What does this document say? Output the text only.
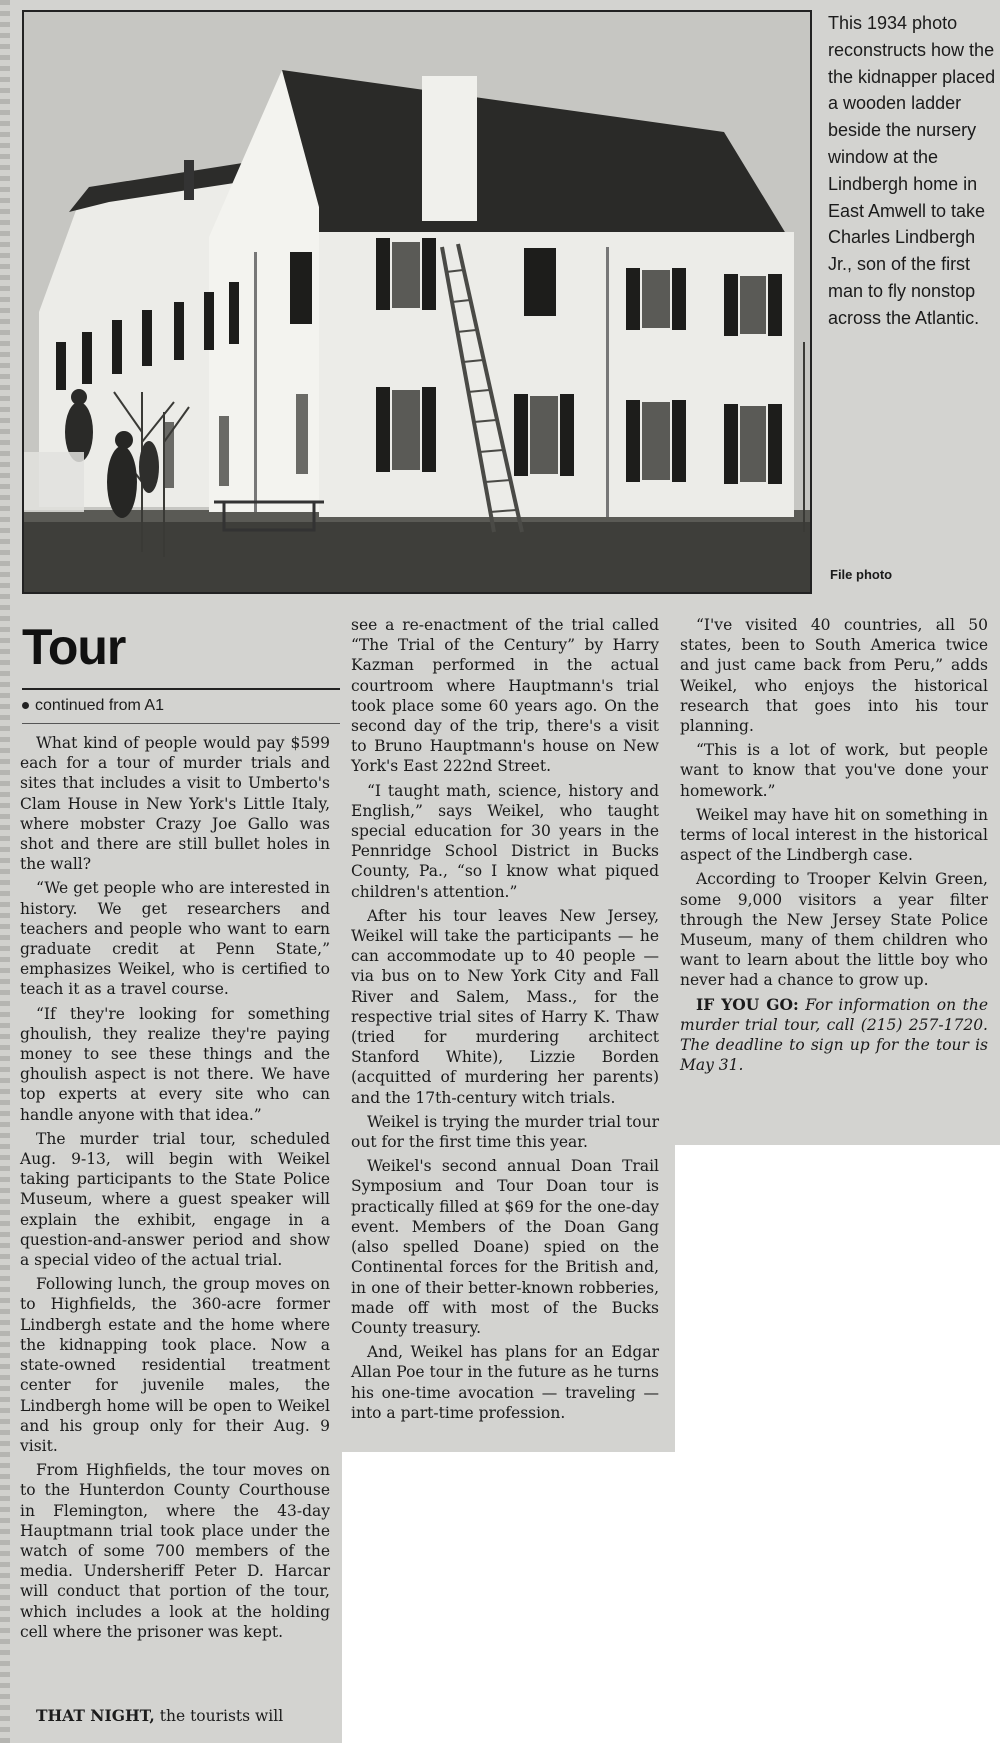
This 1934 photo reconstructs how the the kidnapper placed a wooden ladder beside the nursery window at the Lindbergh home in East Amwell to take Charles Lindbergh Jr., son of the first man to fly nonstop across the Atlantic.
File photo
Tour
continued from A1

What kind of people would pay $599 each for a tour of murder trials and sites that includes a visit to Umberto's Clam House in New York's Little Italy, where mobster Crazy Joe Gallo was shot and there are still bullet holes in the wall?

“We get people who are interested in history. We get researchers and teachers and people who want to earn graduate credit at Penn State,” emphasizes Weikel, who is certified to teach it as a travel course.

“If they're looking for something ghoulish, they realize they're paying money to see these things and the ghoulish aspect is not there. We have top experts at every site who can handle anyone with that idea.”

The murder trial tour, scheduled Aug. 9-13, will begin with Weikel taking participants to the State Police Museum, where a guest speaker will explain the exhibit, engage in a question-and-answer period and show a special video of the actual trial.

Following lunch, the group moves on to Highfields, the 360-acre former Lindbergh estate and the home where the kidnapping took place. Now a state-owned residential treatment center for juvenile males, the Lindbergh home will be open to Weikel and his group only for their Aug. 9 visit.

From Highfields, the tour moves on to the Hunterdon County Courthouse in Flemington, where the 43-day Hauptmann trial took place under the watch of some 700 members of the media. Undersheriff Peter D. Harcar will conduct that portion of the tour, which includes a look at the holding cell where the prisoner was kept.

THAT NIGHT, the tourists will

see a re-enactment of the trial called “The Trial of the Century” by Harry Kazman performed in the actual courtroom where Hauptmann's trial took place some 60 years ago. On the second day of the trip, there's a visit to Bruno Hauptmann's house on New York's East 222nd Street.

“I taught math, science, history and English,” says Weikel, who taught special education for 30 years in the Pennridge School District in Bucks County, Pa., “so I know what piqued children's attention.”

After his tour leaves New Jersey, Weikel will take the participants — he can accommodate up to 40 people — via bus on to New York City and Fall River and Salem, Mass., for the respective trial sites of Harry K. Thaw (tried for murdering architect Stanford White), Lizzie Borden (acquitted of murdering her parents) and the 17th-century witch trials.

Weikel is trying the murder trial tour out for the first time this year.

Weikel's second annual Doan Trail Symposium and Tour Doan tour is practically filled at $69 for the one-day event. Members of the Doan Gang (also spelled Doane) spied on the Continental forces for the British and, in one of their better-known robberies, made off with most of the Bucks County treasury.

And, Weikel has plans for an Edgar Allan Poe tour in the future as he turns his one-time avocation — traveling — into a part-time profession.

“I've visited 40 countries, all 50 states, been to South America twice and just came back from Peru,” adds Weikel, who enjoys the historical research that goes into his tour planning.

“This is a lot of work, but people want to know that you've done your homework.”

Weikel may have hit on something in terms of local interest in the historical aspect of the Lindbergh case.

According to Trooper Kelvin Green, some 9,000 visitors a year filter through the New Jersey State Police Museum, many of them children who want to learn about the little boy who never had a chance to grow up.

IF YOU GO: For information on the murder trial tour, call (215) 257-1720. The deadline to sign up for the tour is May 31.
